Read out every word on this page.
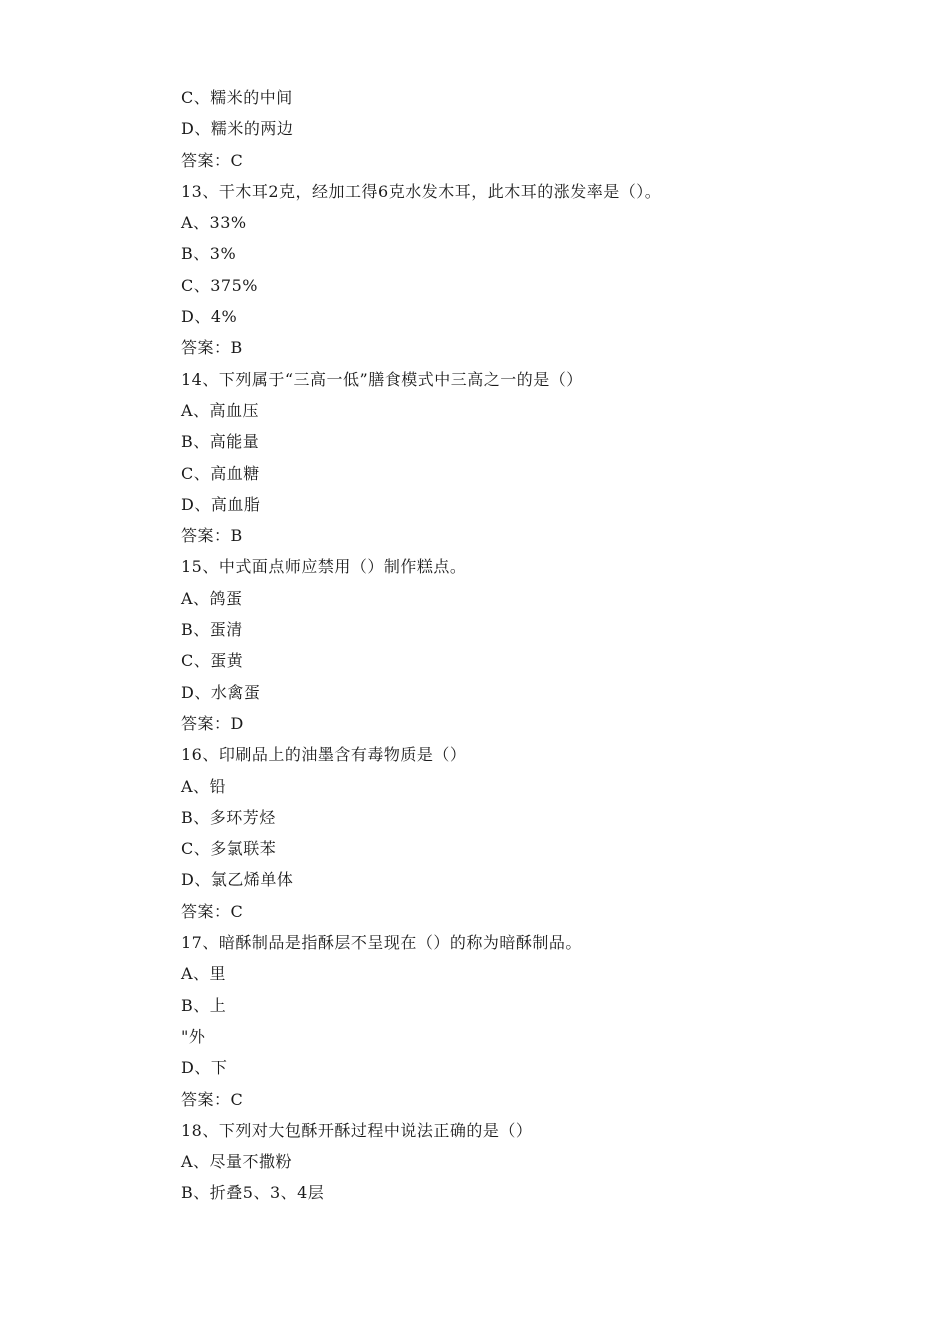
C、糯米的中间
D、糯米的两边
答案：C
13、干木耳2克，经加工得6克水发木耳，此木耳的涨发率是（）。
A、33%
B、3%
C、375%
D、4%
答案：B
14、下列属于“三高一低”膳食模式中三高之一的是（）
A、高血压
B、高能量
C、高血糖
D、高血脂
答案：B
15、中式面点师应禁用（）制作糕点。
A、鸽蛋
B、蛋清
C、蛋黄
D、水禽蛋
答案：D
16、印刷品上的油墨含有毒物质是（）
A、铅
B、多环芳烃
C、多氯联苯
D、氯乙烯单体
答案：C
17、暗酥制品是指酥层不呈现在（）的称为暗酥制品。
A、里
B、上
"外
D、下
答案：C
18、下列对大包酥开酥过程中说法正确的是（）
A、尽量不撒粉
B、折叠5、3、4层
